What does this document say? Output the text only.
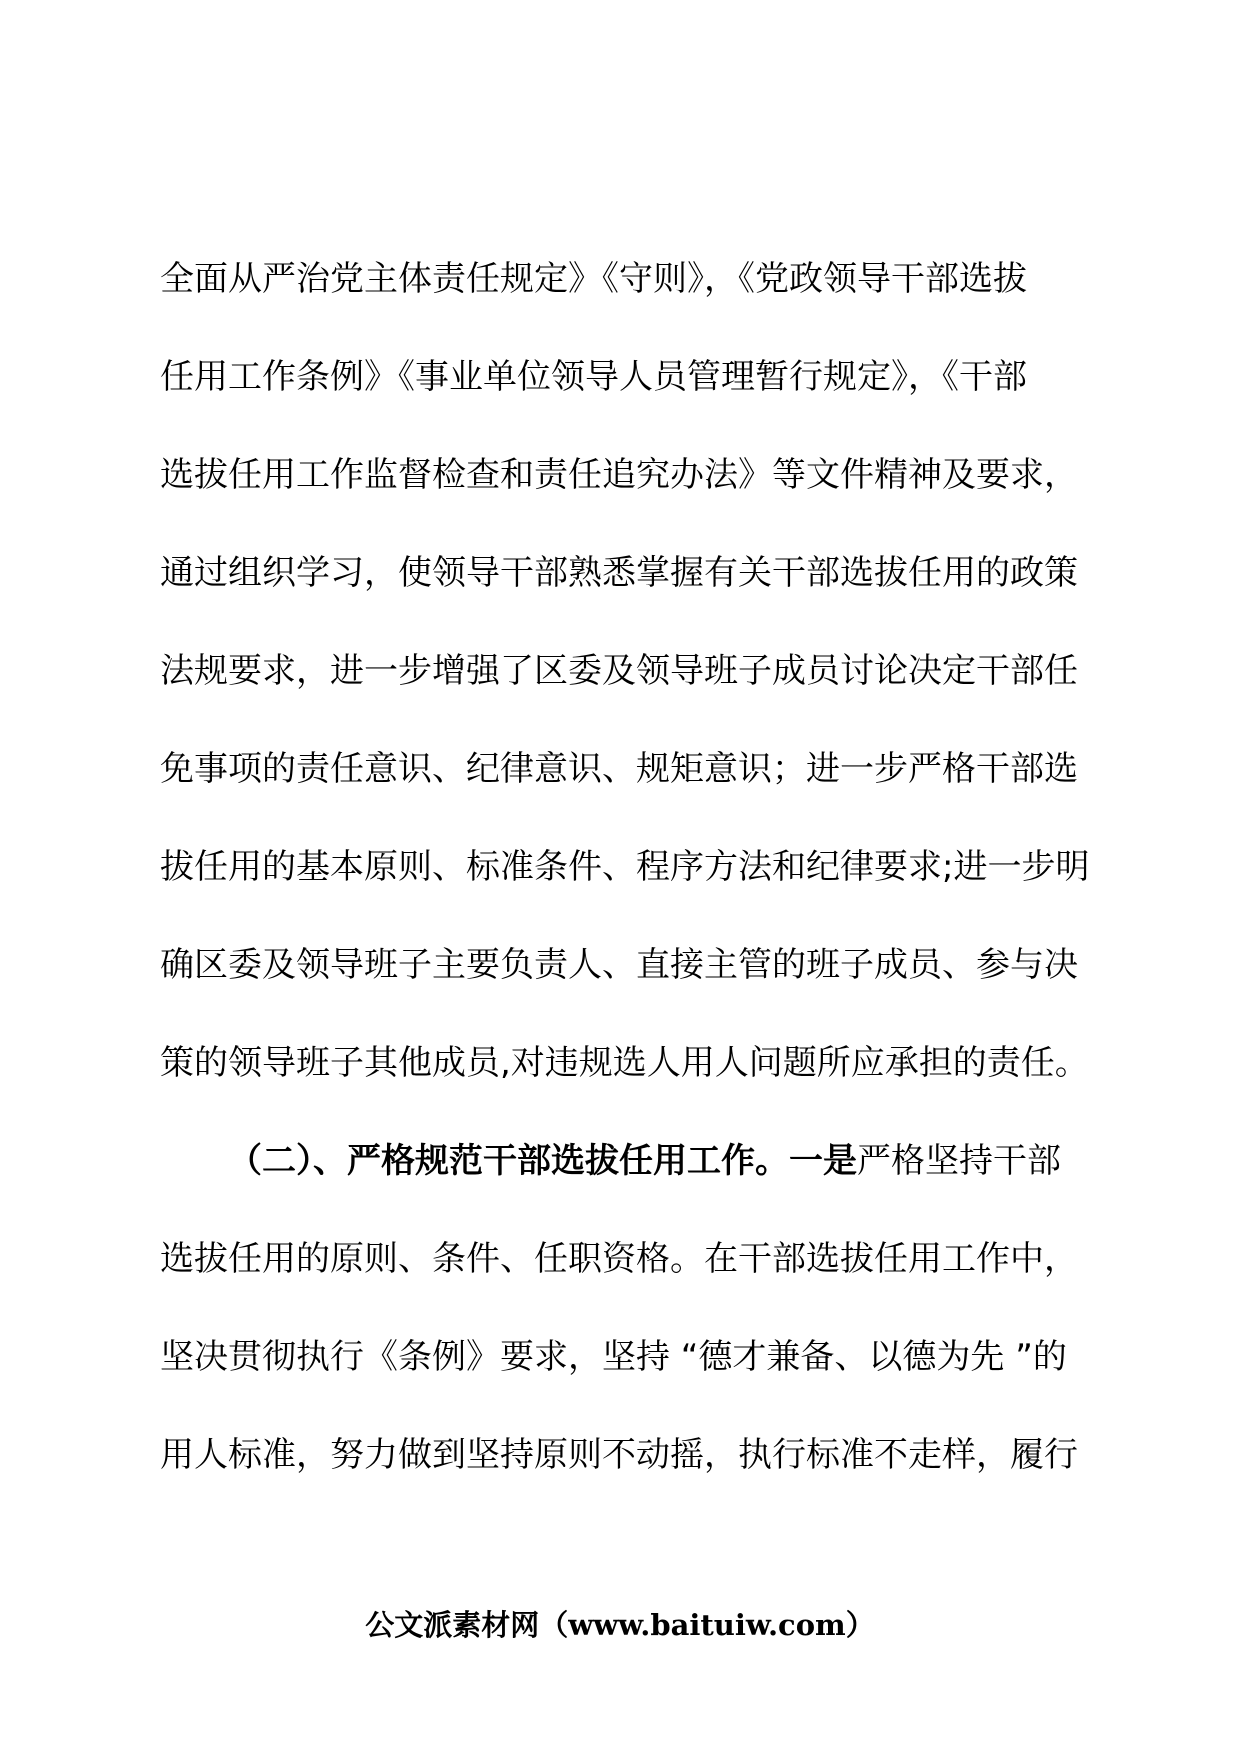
全面从严治党主体责任规定》《守则》，《党政领导干部选拔
任用工作条例》《事业单位领导人员管理暂行规定》，《干部
选拔任用工作监督检查和责任追究办法》等文件精神及要求，
通过组织学习，使领导干部熟悉掌握有关干部选拔任用的政策
法规要求，进一步增强了区委及领导班子成员讨论决定干部任
免事项的责任意识、纪律意识、规矩意识；进一步严格干部选
拔任用的基本原则、标准条件、程序方法和纪律要求;进一步明
确区委及领导班子主要负责人、直接主管的班子成员、参与决
策的领导班子其他成员,对违规选人用人问题所应承担的责任。
（二）、严格规范干部选拔任用工作。一是严格坚持干部
选拔任用的原则、条件、任职资格。在干部选拔任用工作中，
坚决贯彻执行《条例》要求，坚持 “德才兼备、以德为先 ”的
用人标准，努力做到坚持原则不动摇，执行标准不走样，履行
公文派素材网（www.baituiw.com）
